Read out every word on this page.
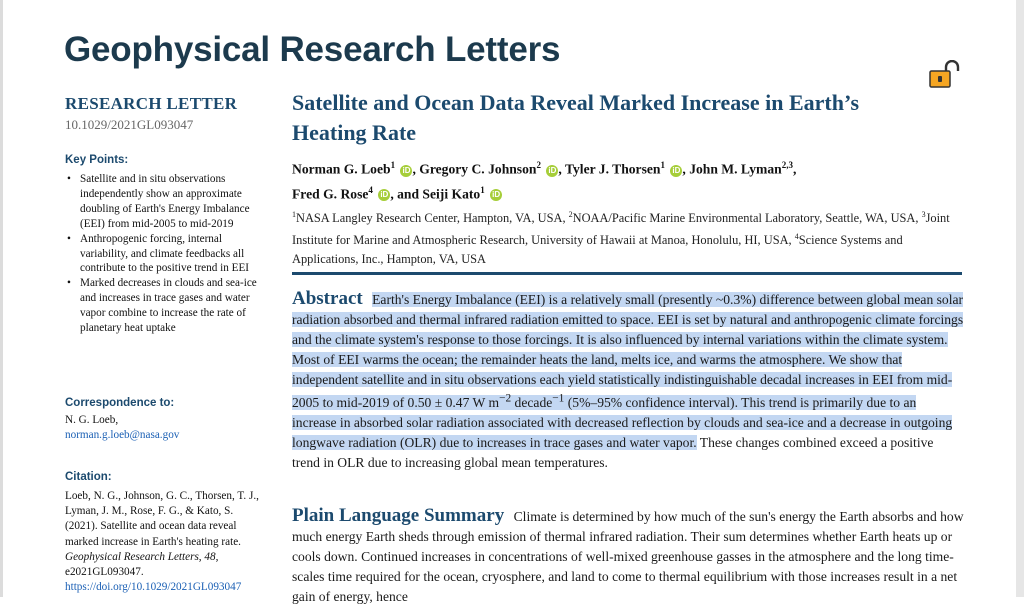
Geophysical Research Letters
RESEARCH LETTER
10.1029/2021GL093047
Key Points:
• Satellite and in situ observations independently show an approximate doubling of Earth's Energy Imbalance (EEI) from mid-2005 to mid-2019
• Anthropogenic forcing, internal variability, and climate feedbacks all contribute to the positive trend in EEI
• Marked decreases in clouds and sea-ice and increases in trace gases and water vapor combine to increase the rate of planetary heat uptake
Correspondence to:
N. G. Loeb,
norman.g.loeb@nasa.gov
Citation:
Loeb, N. G., Johnson, G. C., Thorsen, T. J., Lyman, J. M., Rose, F. G., & Kato, S. (2021). Satellite and ocean data reveal marked increase in Earth's heating rate. Geophysical Research Letters, 48, e2021GL093047. https://doi.org/10.1029/2021GL093047
Satellite and Ocean Data Reveal Marked Increase in Earth’s Heating Rate
Norman G. Loeb$^1$ iD , Gregory C. Johnson$^2$ iD , Tyler J. Thorsen$^1$ iD , John M. Lyman$^{2,3}$,
Fred G. Rose$^4$ iD , and Seiji Kato$^1$ iD
$^1$NASA Langley Research Center, Hampton, VA, USA, $^2$NOAA/Pacific Marine Environmental Laboratory, Seattle, WA, USA, $^3$Joint Institute for Marine and Atmospheric Research, University of Hawaii at Manoa, Honolulu, HI, USA, $^4$Science Systems and Applications, Inc., Hampton, VA, USA
Abstract Earth's Energy Imbalance (EEI) is a relatively small (presently ~0.3%) difference between global mean solar radiation absorbed and thermal infrared radiation emitted to space. EEI is set by natural and anthropogenic climate forcings and the climate system's response to those forcings. It is also influenced by internal variations within the climate system. Most of EEI warms the ocean; the remainder heats the land, melts ice, and warms the atmosphere. We show that independent satellite and in situ observations each yield statistically indistinguishable decadal increases in EEI from mid-2005 to mid-2019 of 0.50 ± 0.47 W $m^{-2}$ decade$^{-1}$ (5%–95% confidence interval). This trend is primarily due to an increase in absorbed solar radiation associated with decreased reflection by clouds and sea-ice and a decrease in outgoing longwave radiation (OLR) due to increases in trace gases and water vapor. These changes combined exceed a positive trend in OLR due to increasing global mean temperatures.
Plain Language Summary Climate is determined by how much of the sun's energy the Earth absorbs and how much energy Earth sheds through emission of thermal infrared radiation. Their sum determines whether Earth heats up or cools down. Continued increases in concentrations of well-mixed greenhouse gasses in the atmosphere and the long time-scales time required for the ocean, cryosphere, and land to come to thermal equilibrium with those increases result in a net gain of energy, hence
